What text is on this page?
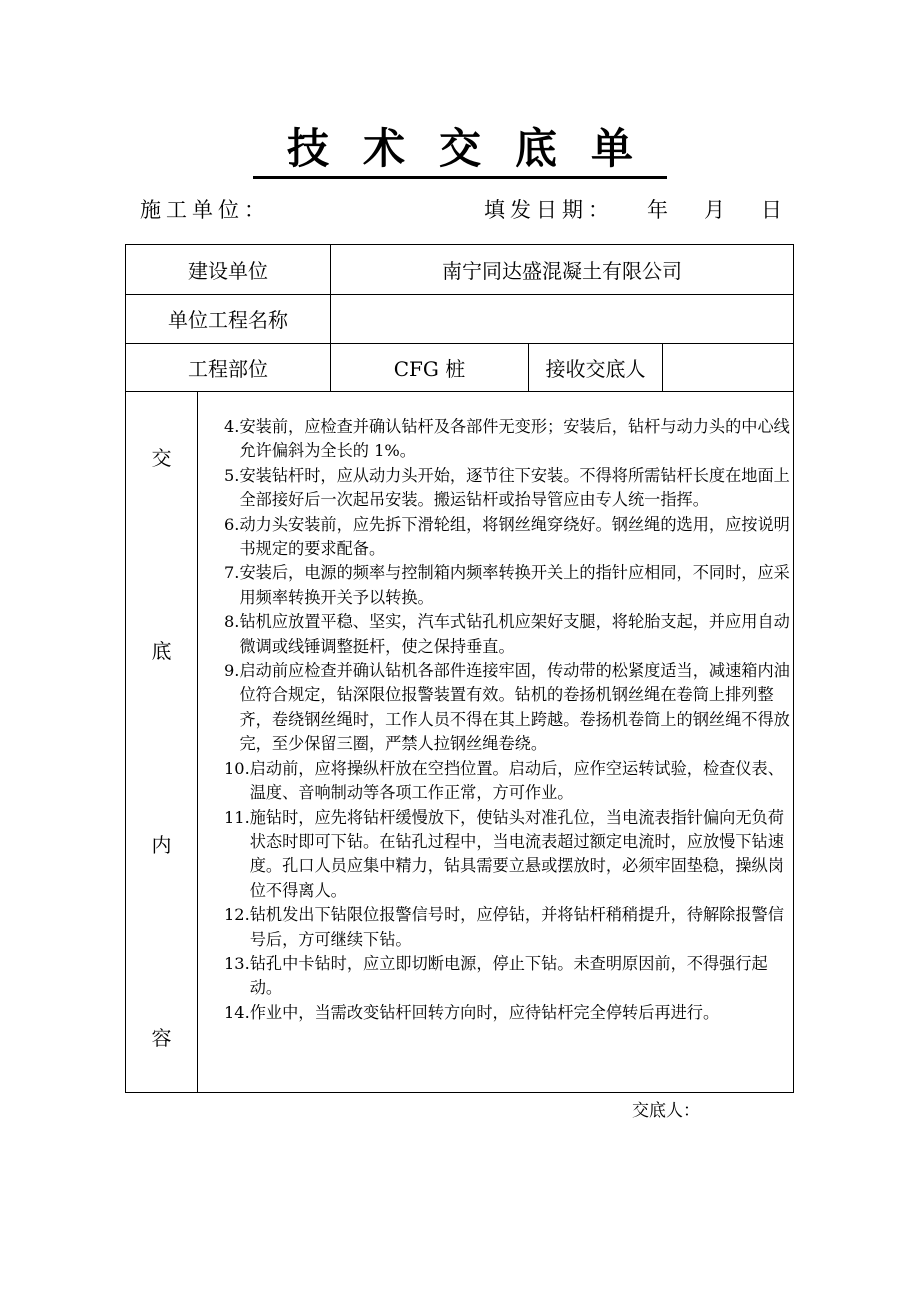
技术交底单
施工单位：	填发日期： 年 月 日
建设单位	南宁同达盛混凝土有限公司
单位工程名称
工程部位	CFG 桩	接收交底人
交
底
内
容
4. 安装前，应检查并确认钻杆及各部件无变形；安装后，钻杆与动力头的中心线允许偏斜为全长的 1%。
5. 安装钻杆时，应从动力头开始，逐节往下安装。不得将所需钻杆长度在地面上全部接好后一次起吊安装。搬运钻杆或抬导管应由专人统一指挥。
6. 动力头安装前，应先拆下滑轮组，将钢丝绳穿绕好。钢丝绳的选用，应按说明书规定的要求配备。
7. 安装后，电源的频率与控制箱内频率转换开关上的指针应相同，不同时，应采用频率转换开关予以转换。
8. 钻机应放置平稳、坚实，汽车式钻孔机应架好支腿，将轮胎支起，并应用自动微调或线锤调整挺杆，使之保持垂直。
9. 启动前应检查并确认钻机各部件连接牢固，传动带的松紧度适当，减速箱内油位符合规定，钻深限位报警装置有效。钻机的卷扬机钢丝绳在卷筒上排列整齐，卷绕钢丝绳时，工作人员不得在其上跨越。卷扬机卷筒上的钢丝绳不得放完，至少保留三圈，严禁人拉钢丝绳卷绕。
10. 启动前，应将操纵杆放在空挡位置。启动后，应作空运转试验，检查仪表、温度、音响制动等各项工作正常，方可作业。
11. 施钻时，应先将钻杆缓慢放下，使钻头对准孔位，当电流表指针偏向无负荷状态时即可下钻。在钻孔过程中，当电流表超过额定电流时，应放慢下钻速度。孔口人员应集中精力，钻具需要立悬或摆放时，必须牢固垫稳，操纵岗位不得离人。
12. 钻机发出下钻限位报警信号时，应停钻，并将钻杆稍稍提升，待解除报警信号后，方可继续下钻。
13. 钻孔中卡钻时，应立即切断电源，停止下钻。未查明原因前，不得强行起动。
14. 作业中，当需改变钻杆回转方向时，应待钻杆完全停转后再进行。
交底人：
